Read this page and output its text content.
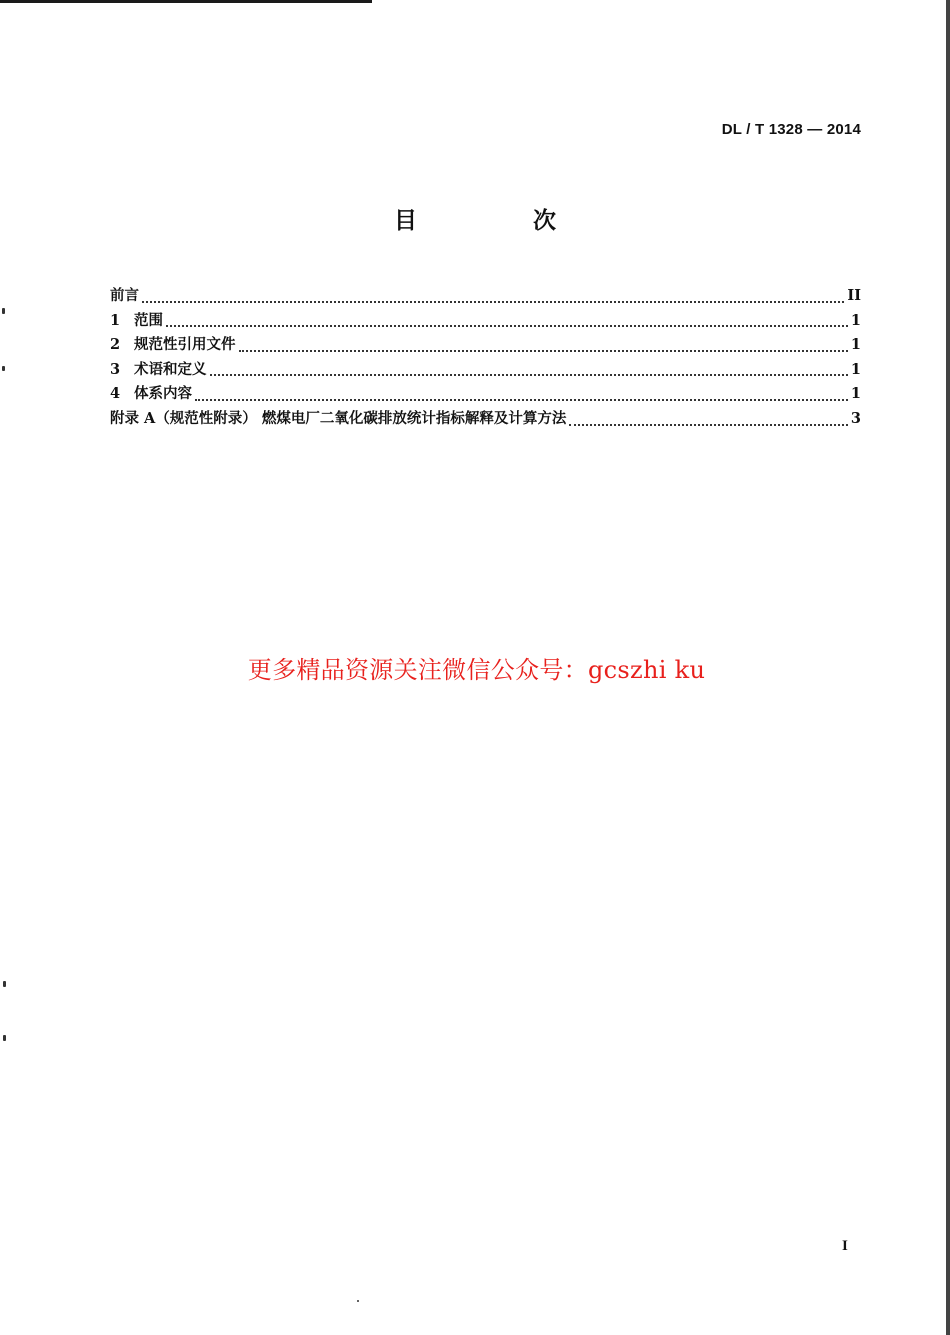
DL / T 1328 — 2014
目 次
前言	II
1 范围	1
2 规范性引用文件	1
3 术语和定义	1
4 体系内容	1
附录 A（规范性附录） 燃煤电厂二氧化碳排放统计指标解释及计算方法	3
更多精品资源关注微信公众号：gcszhi ku
I
